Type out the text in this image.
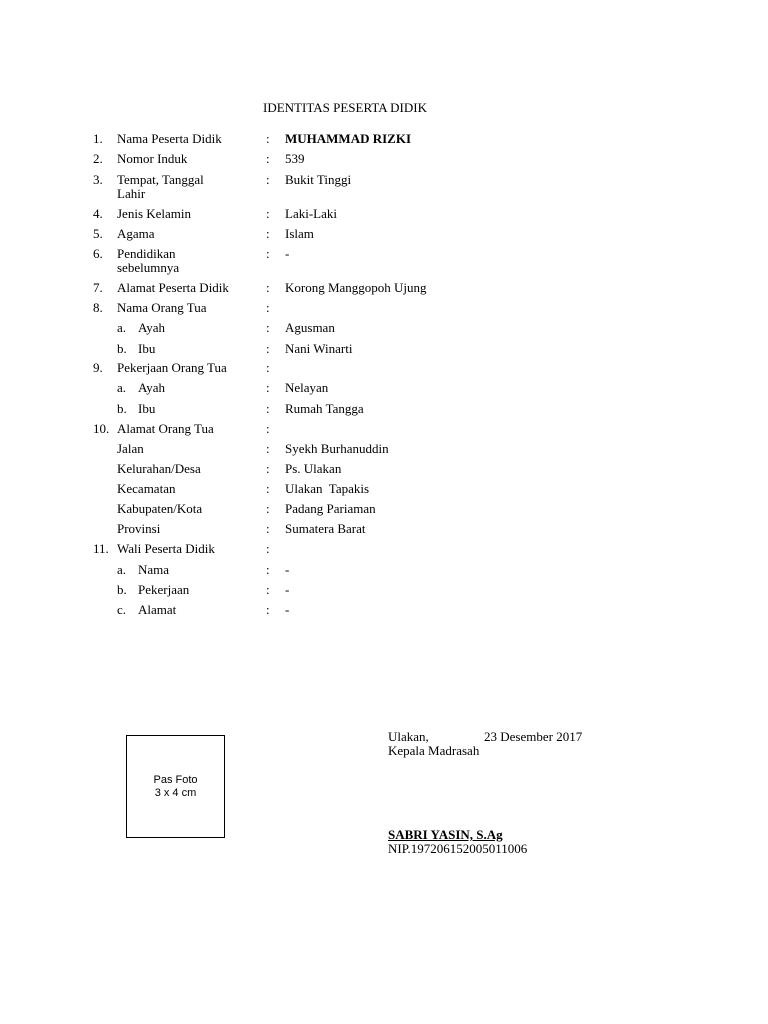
IDENTITAS PESERTA DIDIK
1. Nama Peserta Didik	: MUHAMMAD RIZKI
2. Nomor Induk	: 539
3. Tempat, Tanggal Lahir
: Bukit Tinggi
4. Jenis Kelamin	: Laki-Laki
5. Agama	: Islam
6. Pendidikan sebelumnya
: -
7. Alamat Peserta Didik	: Korong Manggopoh Ujung
8. Nama Orang Tua	:
a. Ayah	: Agusman
b. Ibu	: Nani Winarti
9. Pekerjaan Orang Tua	:
a. Ayah	: Nelayan
b. Ibu	: Rumah Tangga
10. Alamat Orang Tua	:
Jalan	: Syekh Burhanuddin
Kelurahan/Desa	: Ps. Ulakan
Kecamatan	: Ulakan  Tapakis
Kabupaten/Kota	: Padang Pariaman
Provinsi	: Sumatera Barat
11. Wali Peserta Didik	:
a. Nama	: -
b. Pekerjaan	: -
c. Alamat	: -
Pas Foto
3 x 4 cm
Ulakan,	23 Desember 2017
Kepala Madrasah
SABRI YASIN, S.Ag
NIP.197206152005011006
